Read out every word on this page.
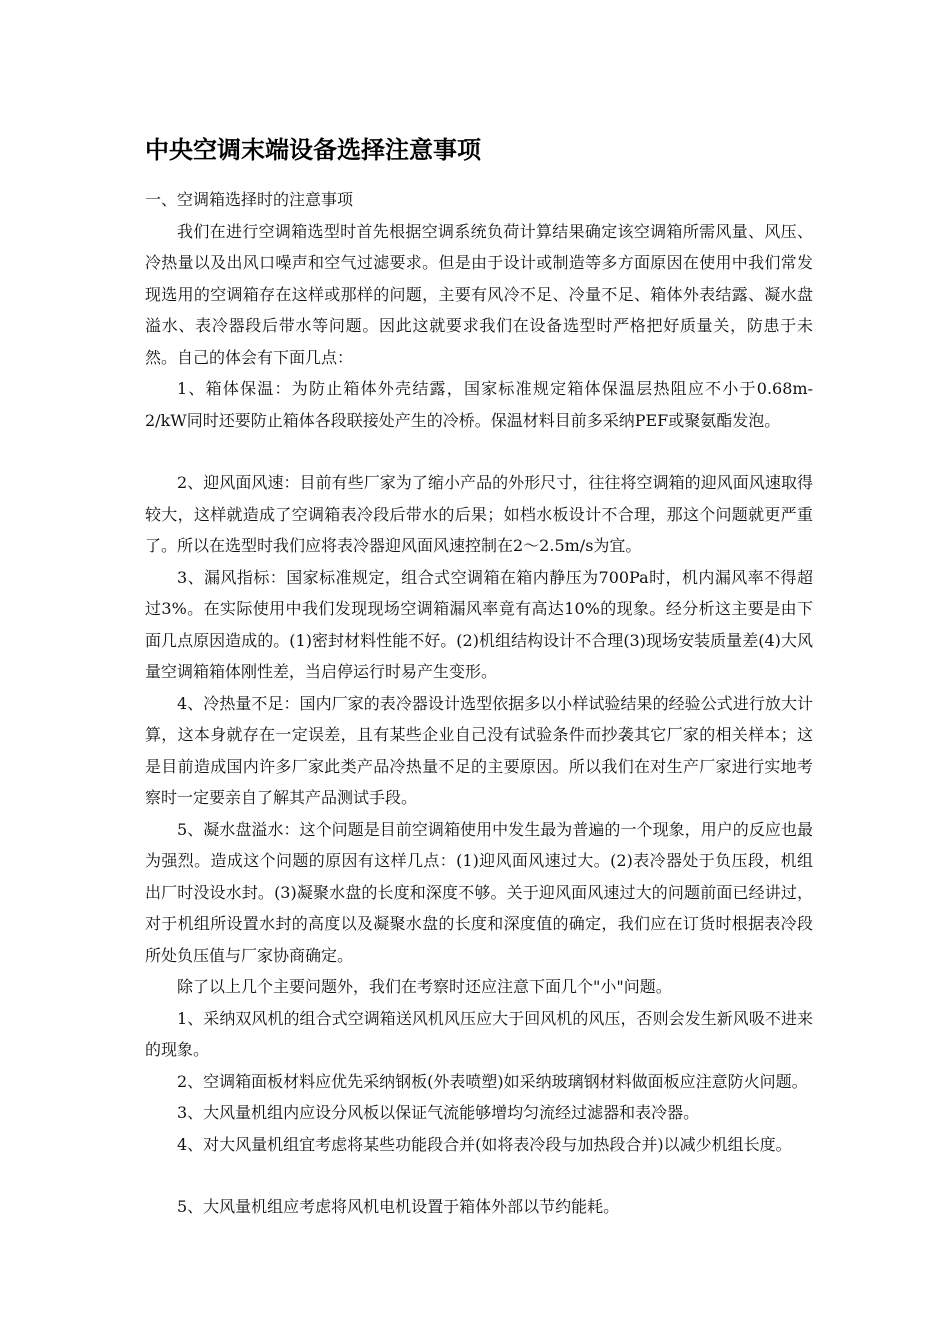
中央空调末端设备选择注意事项

一、空调箱选择时的注意事项

我们在进行空调箱选型时首先根据空调系统负荷计算结果确定该空调箱所需风量、风压、冷热量以及出风口噪声和空气过滤要求。但是由于设计或制造等多方面原因在使用中我们常发现选用的空调箱存在这样或那样的问题，主要有风冷不足、冷量不足、箱体外表结露、凝水盘溢水、表冷器段后带水等问题。因此这就要求我们在设备选型时严格把好质量关，防患于未然。自己的体会有下面几点：

1、箱体保温：为防止箱体外壳结露，国家标准规定箱体保温层热阻应不小于0.68m-2/kW同时还要防止箱体各段联接处产生的冷桥。保温材料目前多采纳PEF或聚氨酯发泡。

2、迎风面风速：目前有些厂家为了缩小产品的外形尺寸，往往将空调箱的迎风面风速取得较大，这样就造成了空调箱表冷段后带水的后果；如档水板设计不合理，那这个问题就更严重了。所以在选型时我们应将表冷器迎风面风速控制在2～2.5m/s为宜。

3、漏风指标：国家标准规定，组合式空调箱在箱内静压为700Pa时，机内漏风率不得超过3%。在实际使用中我们发现现场空调箱漏风率竟有高达10%的现象。经分析这主要是由下面几点原因造成的。(1)密封材料性能不好。(2)机组结构设计不合理(3)现场安装质量差(4)大风量空调箱箱体刚性差，当启停运行时易产生变形。

4、冷热量不足：国内厂家的表冷器设计选型依据多以小样试验结果的经验公式进行放大计算，这本身就存在一定误差，且有某些企业自己没有试验条件而抄袭其它厂家的相关样本；这是目前造成国内许多厂家此类产品冷热量不足的主要原因。所以我们在对生产厂家进行实地考察时一定要亲自了解其产品测试手段。

5、凝水盘溢水：这个问题是目前空调箱使用中发生最为普遍的一个现象，用户的反应也最为强烈。造成这个问题的原因有这样几点：(1)迎风面风速过大。(2)表冷器处于负压段，机组出厂时没设水封。(3)凝聚水盘的长度和深度不够。关于迎风面风速过大的问题前面已经讲过，对于机组所设置水封的高度以及凝聚水盘的长度和深度值的确定，我们应在订货时根据表冷段所处负压值与厂家协商确定。

除了以上几个主要问题外，我们在考察时还应注意下面几个"小"问题。

1、采纳双风机的组合式空调箱送风机风压应大于回风机的风压，否则会发生新风吸不进来的现象。

2、空调箱面板材料应优先采纳钢板(外表喷塑)如采纳玻璃钢材料做面板应注意防火问题。

3、大风量机组内应设分风板以保证气流能够增均匀流经过滤器和表冷器。

4、对大风量机组宜考虑将某些功能段合并(如将表冷段与加热段合并)以减少机组长度。

5、大风量机组应考虑将风机电机设置于箱体外部以节约能耗。
